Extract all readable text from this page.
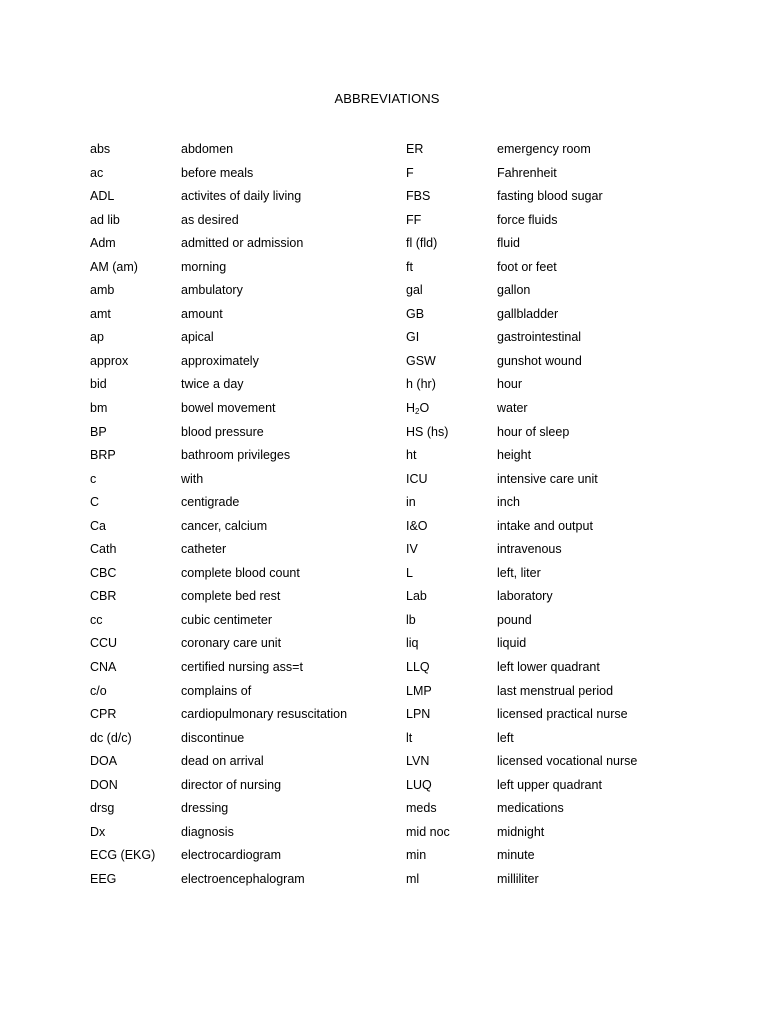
ABBREVIATIONS
abs	abdomen
ac	before meals
ADL	activites of daily living
ad lib	as desired
Adm	admitted or admission
AM (am)	morning
amb	ambulatory
amt	amount
ap	apical
approx	approximately
bid	twice a day
bm	bowel movement
BP	blood pressure
BRP	bathroom privileges
c	with
C	centigrade
Ca	cancer, calcium
Cath	catheter
CBC	complete blood count
CBR	complete bed rest
cc	cubic centimeter
CCU	coronary care unit
CNA	certified nursing ass=t
c/o	complains of
CPR	cardiopulmonary resuscitation
dc (d/c)	discontinue
DOA	dead on arrival
DON	director of nursing
drsg	dressing
Dx	diagnosis
ECG (EKG) electrocardiogram
EEG	electroencephalogram
ER	emergency room
F	Fahrenheit
FBS	fasting blood sugar
FF	force fluids
fl (fld)	fluid
ft	foot or feet
gal	gallon
GB	gallbladder
GI	gastrointestinal
GSW	gunshot wound
h (hr)	hour
$H_2O$	water
HS (hs)	hour of sleep
ht	height
ICU	intensive care unit
in	inch
I&O	intake and output
IV	intravenous
L	left, liter
Lab	laboratory
lb	pound
liq	liquid
LLQ	left lower quadrant
LMP	last menstrual period
LPN	licensed practical nurse
lt	left
LVN	licensed vocational nurse
LUQ	left upper quadrant
meds	medications
mid noc	midnight
min	minute
ml	milliliter
